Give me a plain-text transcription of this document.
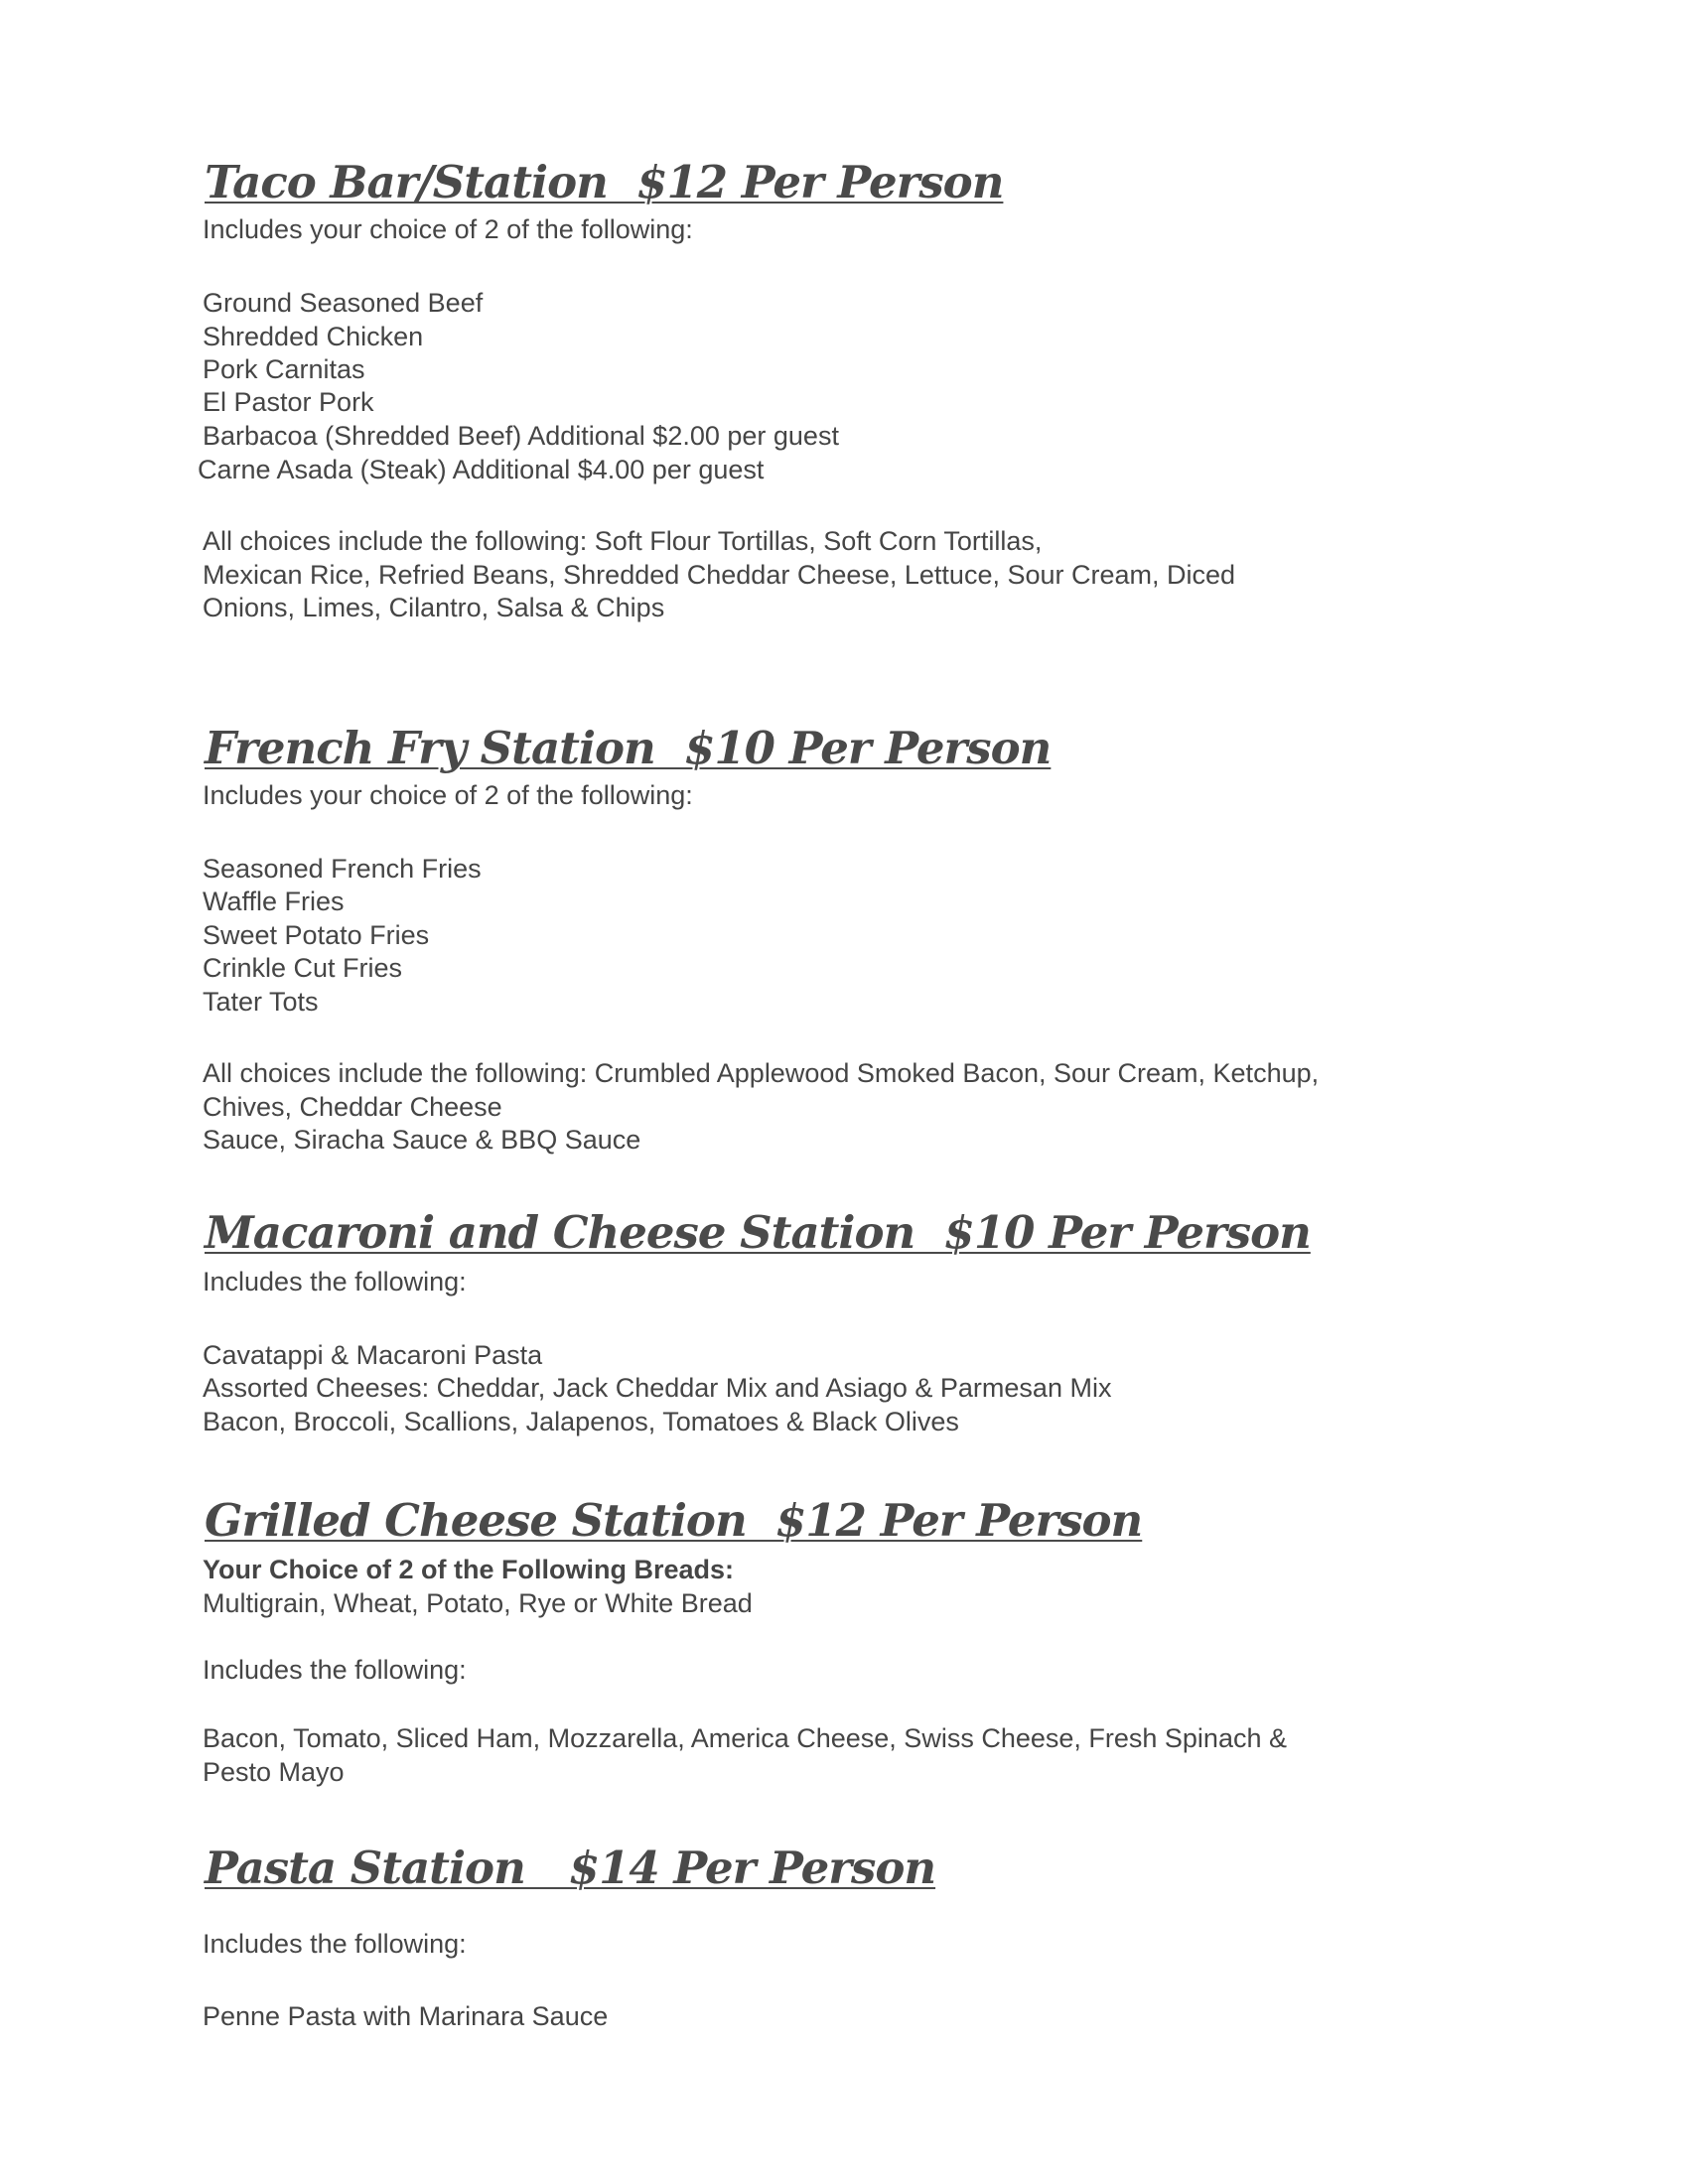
Taco Bar/Station  $12 Per Person

Includes your choice of 2 of the following:

Ground Seasoned Beef

Shredded Chicken

Pork Carnitas

El Pastor Pork

Barbacoa (Shredded Beef) Additional $2.00 per guest

Carne Asada (Steak) Additional $4.00 per guest

All choices include the following: Soft Flour Tortillas, Soft Corn Tortillas,

Mexican Rice, Refried Beans, Shredded Cheddar Cheese, Lettuce, Sour Cream, Diced

Onions, Limes, Cilantro, Salsa & Chips

French Fry Station  $10 Per Person

Includes your choice of 2 of the following:

Seasoned French Fries

Waffle Fries

Sweet Potato Fries

Crinkle Cut Fries

Tater Tots

All choices include the following: Crumbled Applewood Smoked Bacon, Sour Cream, Ketchup,

Chives, Cheddar Cheese

Sauce, Siracha Sauce & BBQ Sauce

Macaroni and Cheese Station  $10 Per Person

Includes the following:

Cavatappi & Macaroni Pasta

Assorted Cheeses: Cheddar, Jack Cheddar Mix and Asiago & Parmesan Mix

Bacon, Broccoli, Scallions, Jalapenos, Tomatoes & Black Olives

Grilled Cheese Station  $12 Per Person

Your Choice of 2 of the Following Breads:

Multigrain, Wheat, Potato, Rye or White Bread

Includes the following:

Bacon, Tomato, Sliced Ham, Mozzarella, America Cheese, Swiss Cheese, Fresh Spinach &

Pesto Mayo

Pasta Station   $14 Per Person

Includes the following:

Penne Pasta with Marinara Sauce
